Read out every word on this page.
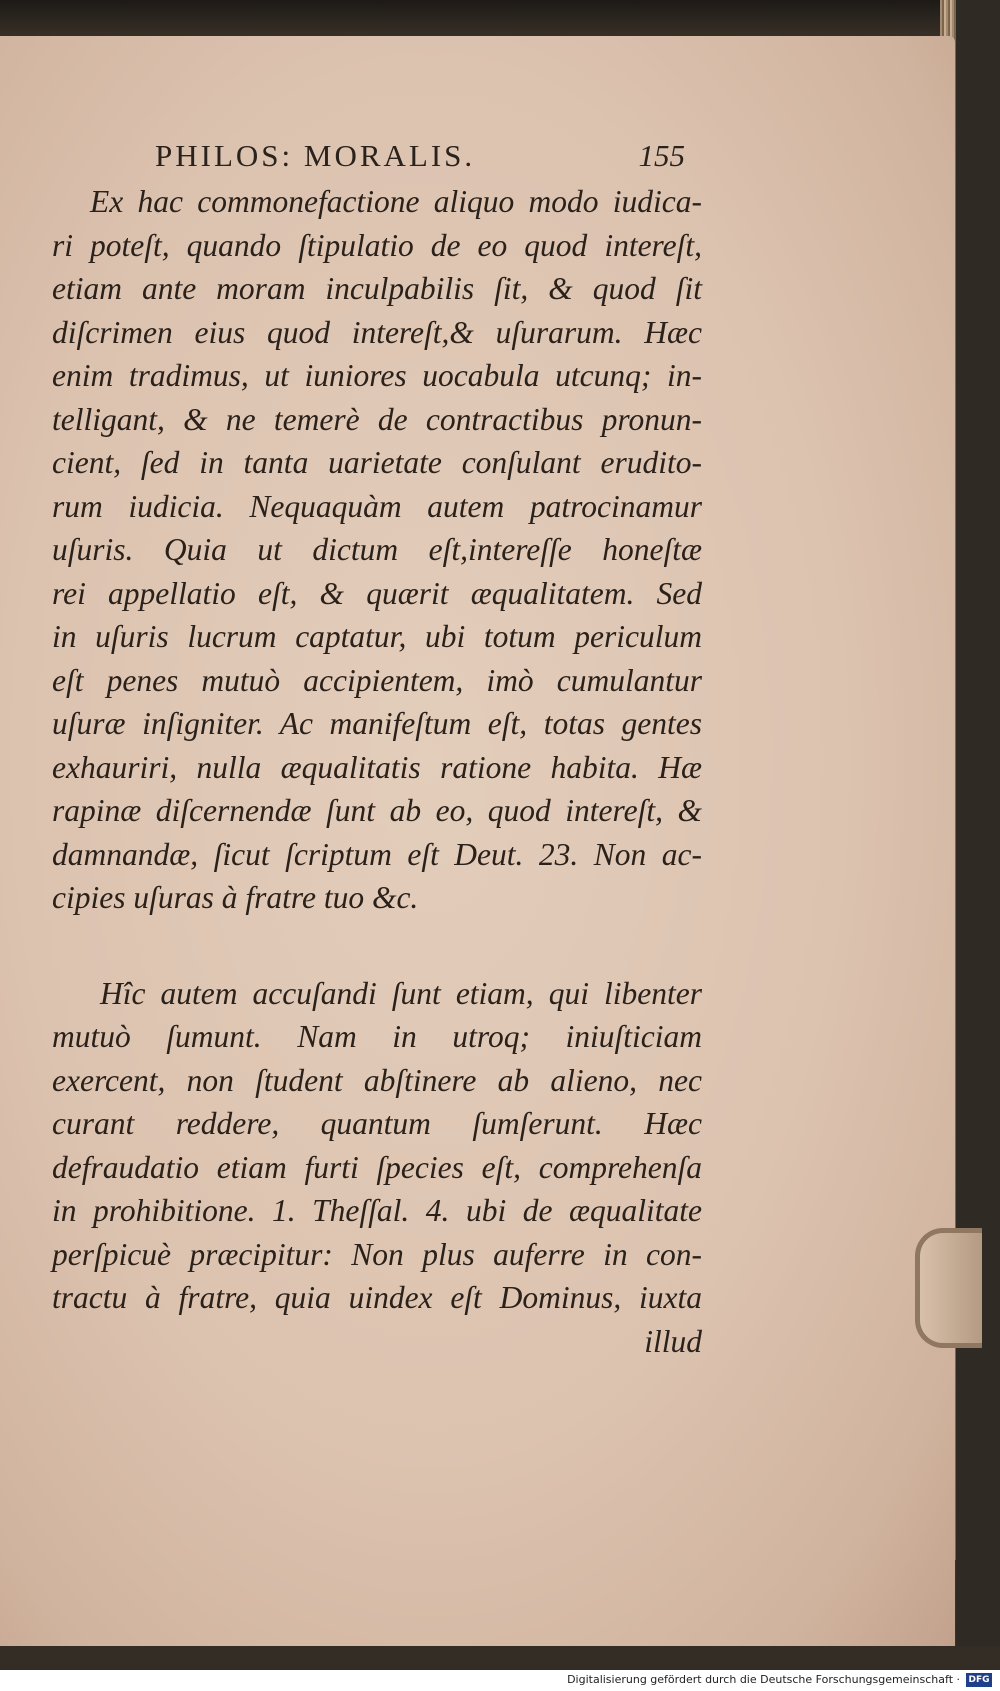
PHILOS: MORALIS.	155
Ex hac commonefactione aliquo modo iudica-
ri poteſt, quando ſtipulatio de eo quod intereſt,
etiam ante moram inculpabilis ſit, & quod ſit
diſcrimen eius quod intereſt,& uſurarum. Hæc
enim tradimus, ut iuniores uocabula utcunq; in-
telligant, & ne temerè de contractibus pronun-
cient, ſed in tanta uarietate conſulant erudito-
rum iudicia. Nequaquàm autem patrocinamur
uſuris. Quia ut dictum eſt,intereſſe honeſtæ
rei appellatio eſt, & quærit æqualitatem. Sed
in uſuris lucrum captatur, ubi totum periculum
eſt penes mutuò accipientem, imò cumulantur
uſuræ inſigniter. Ac manifeſtum eſt, totas gentes
exhauriri, nulla æqualitatis ratione habita. Hæ
rapinæ diſcernendæ ſunt ab eo, quod intereſt, &
damnandæ, ſicut ſcriptum eſt Deut. 23. Non ac-
cipies uſuras à fratre tuo &c.
Hîc autem accuſandi ſunt etiam, qui libenter
mutuò ſumunt. Nam in utroq; iniuſticiam
exercent, non ſtudent abſtinere ab alieno, nec
curant reddere, quantum ſumſerunt. Hæc
defraudatio etiam furti ſpecies eſt, comprehenſa
in prohibitione. 1. Theſſal. 4. ubi de æqualitate
perſpicuè præcipitur: Non plus auferre in con-
tractu à fratre, quia uindex eſt Dominus, iuxta
illud
Digitalisierung gefördert durch die Deutsche Forschungsgemeinschaft · DFG
